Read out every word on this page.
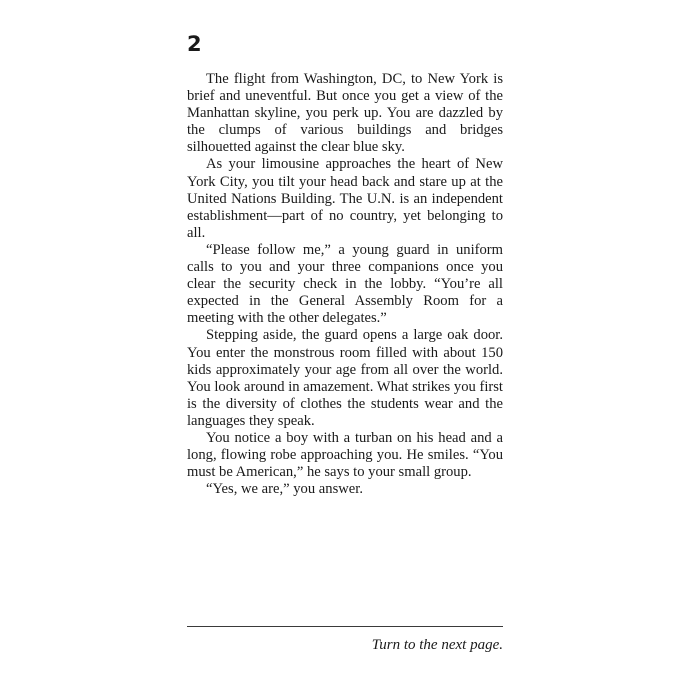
2

The flight from Washington, DC, to New York is brief and uneventful. But once you get a view of the Manhattan skyline, you perk up. You are dazzled by the clumps of various buildings and bridges silhouetted against the clear blue sky.

As your limousine approaches the heart of New York City, you tilt your head back and stare up at the United Nations Building. The U.N. is an independent establishment—part of no country, yet belonging to all.

“Please follow me,” a young guard in uniform calls to you and your three companions once you clear the security check in the lobby. “You’re all expected in the General Assembly Room for a meeting with the other delegates.”

Stepping aside, the guard opens a large oak door. You enter the monstrous room filled with about 150 kids approximately your age from all over the world. You look around in amazement. What strikes you first is the diversity of clothes the students wear and the languages they speak.

You notice a boy with a turban on his head and a long, flowing robe approaching you. He smiles. “You must be American,” he says to your small group.

“Yes, we are,” you answer.

Turn to the next page.
